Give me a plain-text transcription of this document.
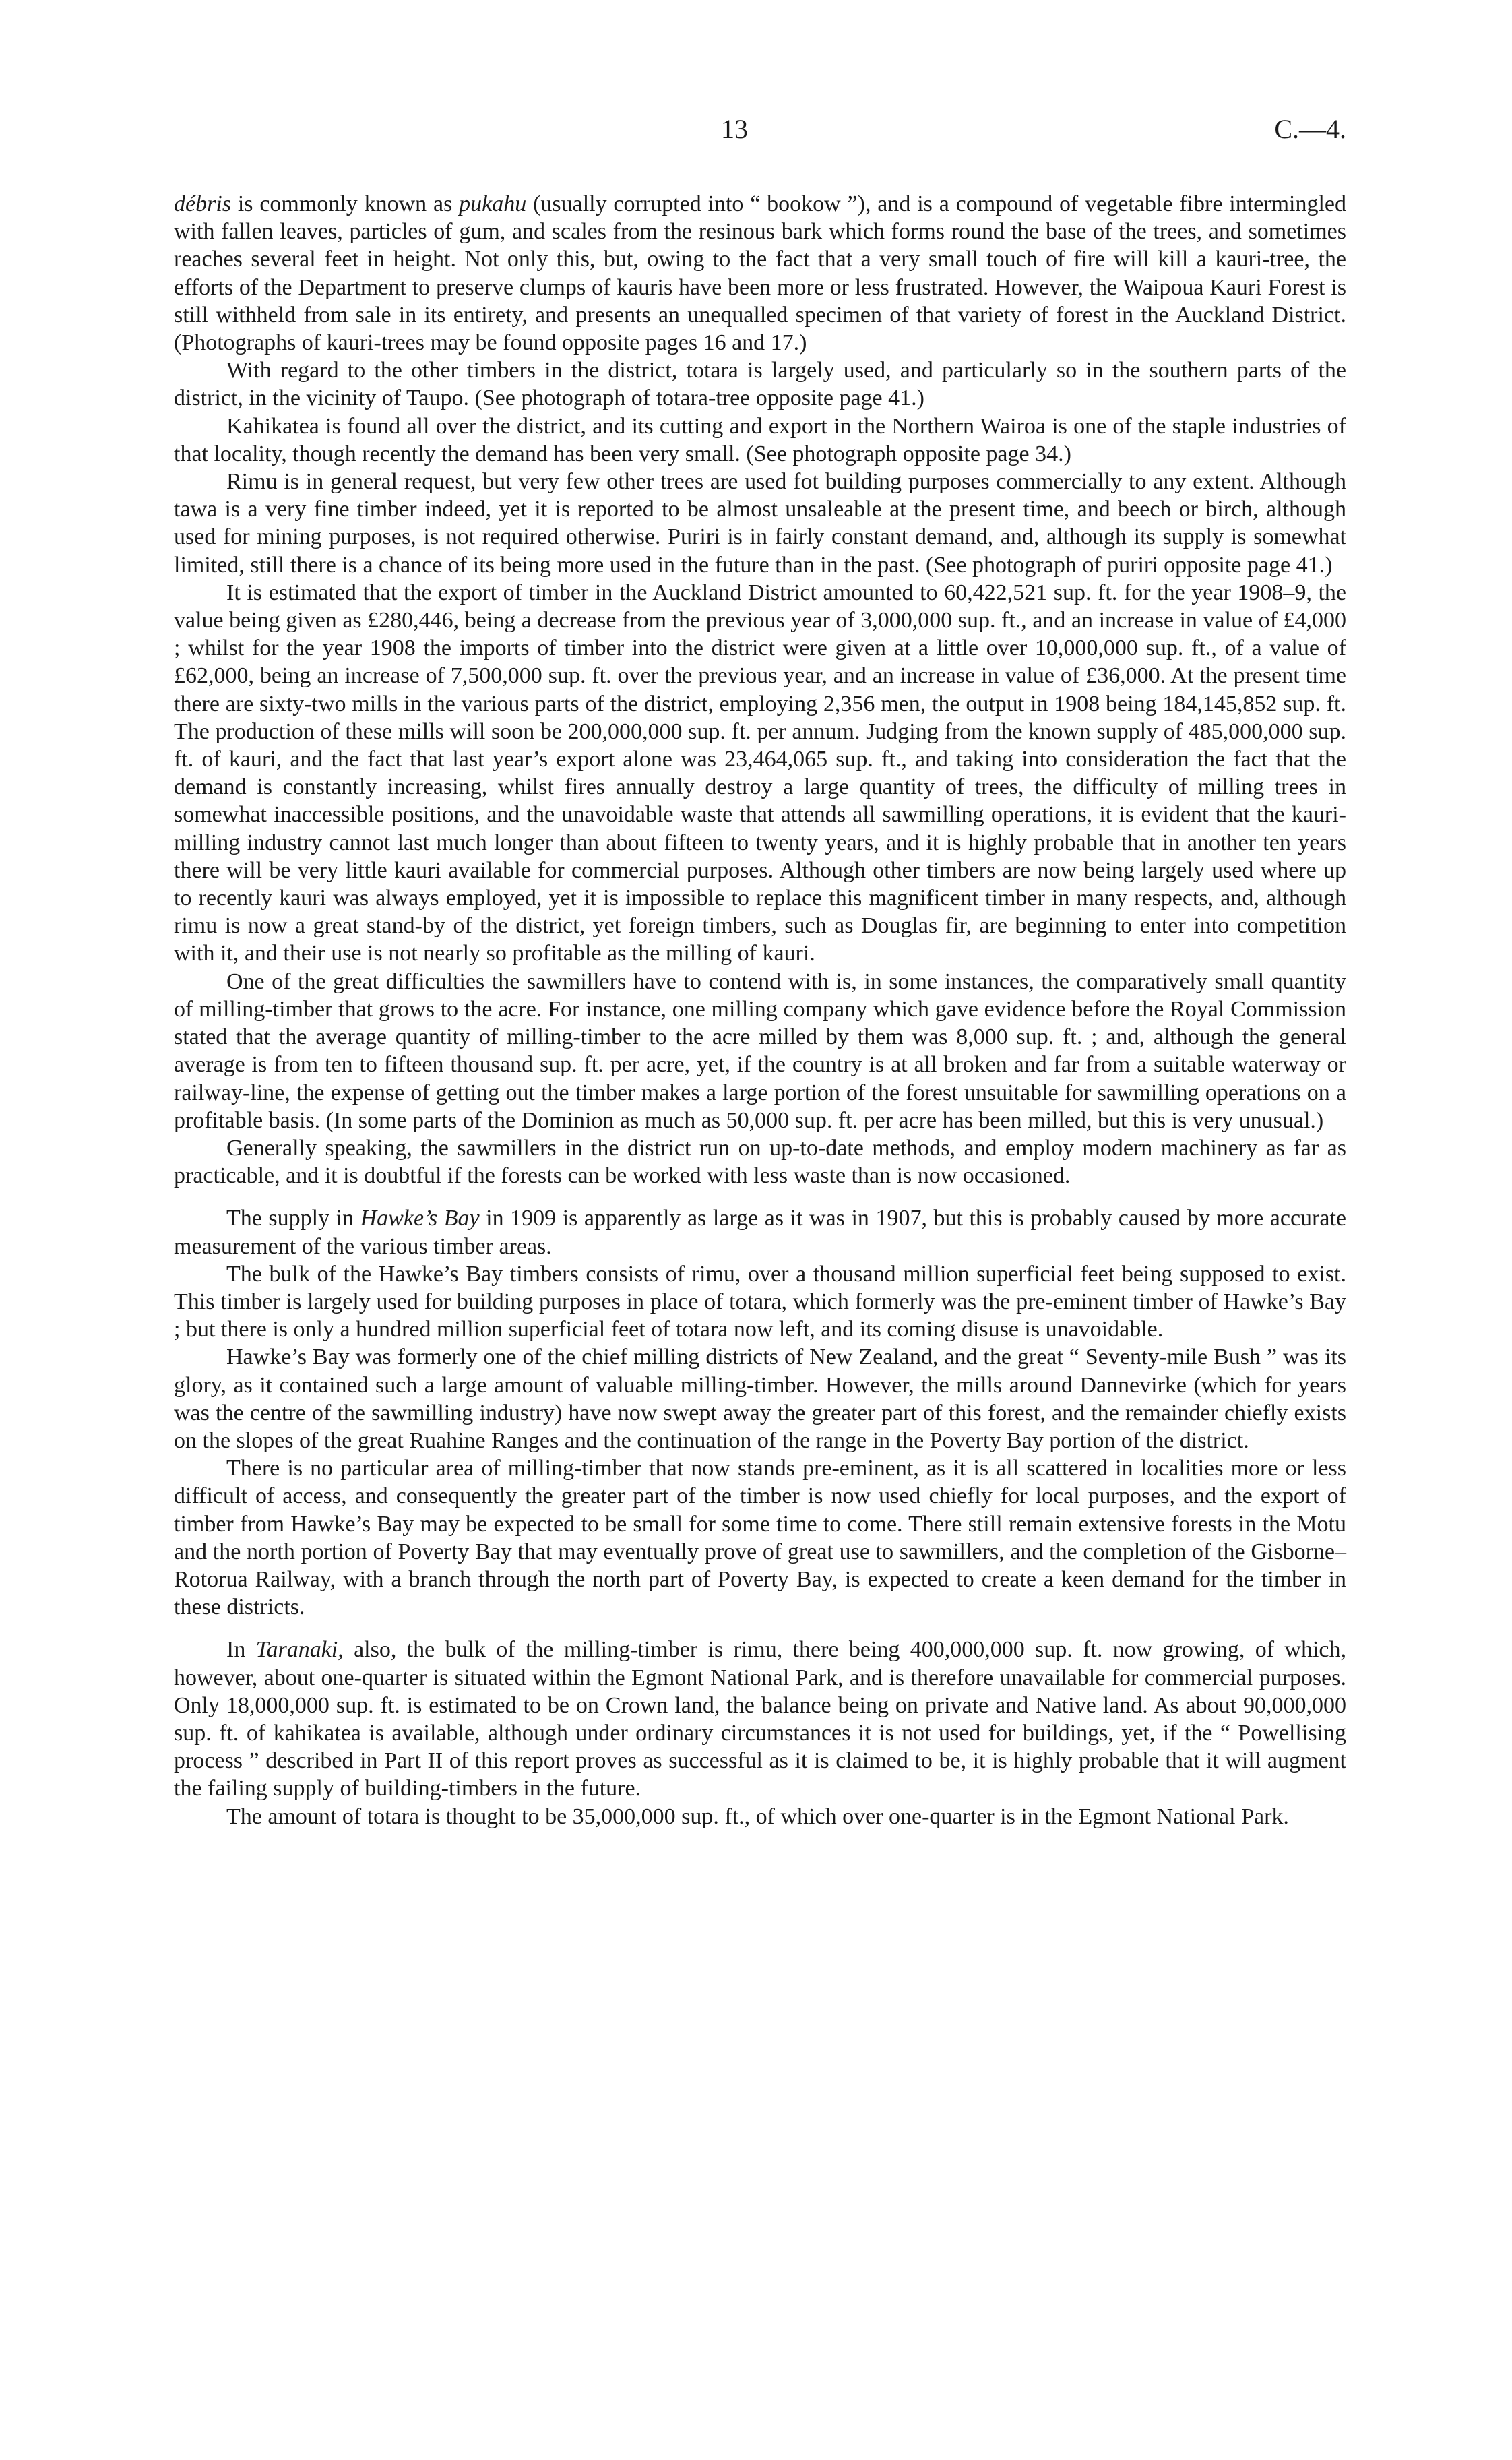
13	C.—4.

débris is commonly known as pukahu (usually corrupted into “ bookow ”), and is a compound of vegetable fibre intermingled with fallen leaves, particles of gum, and scales from the resinous bark which forms round the base of the trees, and sometimes reaches several feet in height. Not only this, but, owing to the fact that a very small touch of fire will kill a kauri-tree, the efforts of the Department to preserve clumps of kauris have been more or less frustrated. However, the Waipoua Kauri Forest is still withheld from sale in its entirety, and presents an unequalled specimen of that variety of forest in the Auckland District. (Photographs of kauri-trees may be found opposite pages 16 and 17.)

With regard to the other timbers in the district, totara is largely used, and particularly so in the southern parts of the district, in the vicinity of Taupo. (See photograph of totara-tree opposite page 41.)

Kahikatea is found all over the district, and its cutting and export in the Northern Wairoa is one of the staple industries of that locality, though recently the demand has been very small. (See photograph opposite page 34.)

Rimu is in general request, but very few other trees are used fot building purposes commercially to any extent. Although tawa is a very fine timber indeed, yet it is reported to be almost unsaleable at the present time, and beech or birch, although used for mining purposes, is not required otherwise. Puriri is in fairly constant demand, and, although its supply is somewhat limited, still there is a chance of its being more used in the future than in the past. (See photograph of puriri opposite page 41.)

It is estimated that the export of timber in the Auckland District amounted to 60,422,521 sup. ft. for the year 1908–9, the value being given as £280,446, being a decrease from the previous year of 3,000,000 sup. ft., and an increase in value of £4,000 ; whilst for the year 1908 the imports of timber into the district were given at a little over 10,000,000 sup. ft., of a value of £62,000, being an increase of 7,500,000 sup. ft. over the previous year, and an increase in value of £36,000. At the present time there are sixty-two mills in the various parts of the district, employing 2,356 men, the output in 1908 being 184,145,852 sup. ft. The production of these mills will soon be 200,000,000 sup. ft. per annum. Judging from the known supply of 485,000,000 sup. ft. of kauri, and the fact that last year’s export alone was 23,464,065 sup. ft., and taking into consideration the fact that the demand is constantly increasing, whilst fires annually destroy a large quantity of trees, the difficulty of milling trees in somewhat inaccessible positions, and the unavoidable waste that attends all sawmilling operations, it is evident that the kauri-milling industry cannot last much longer than about fifteen to twenty years, and it is highly probable that in another ten years there will be very little kauri available for commercial purposes. Although other timbers are now being largely used where up to recently kauri was always employed, yet it is impossible to replace this magnificent timber in many respects, and, although rimu is now a great stand-by of the district, yet foreign timbers, such as Douglas fir, are beginning to enter into competition with it, and their use is not nearly so profitable as the milling of kauri.

One of the great difficulties the sawmillers have to contend with is, in some instances, the comparatively small quantity of milling-timber that grows to the acre. For instance, one milling company which gave evidence before the Royal Commission stated that the average quantity of milling-timber to the acre milled by them was 8,000 sup. ft. ; and, although the general average is from ten to fifteen thousand sup. ft. per acre, yet, if the country is at all broken and far from a suitable waterway or railway-line, the expense of getting out the timber makes a large portion of the forest unsuitable for sawmilling operations on a profitable basis. (In some parts of the Dominion as much as 50,000 sup. ft. per acre has been milled, but this is very unusual.)

Generally speaking, the sawmillers in the district run on up-to-date methods, and employ modern machinery as far as practicable, and it is doubtful if the forests can be worked with less waste than is now occasioned.

The supply in Hawke’s Bay in 1909 is apparently as large as it was in 1907, but this is probably caused by more accurate measurement of the various timber areas.

The bulk of the Hawke’s Bay timbers consists of rimu, over a thousand million superficial feet being supposed to exist. This timber is largely used for building purposes in place of totara, which formerly was the pre-eminent timber of Hawke’s Bay ; but there is only a hundred million superficial feet of totara now left, and its coming disuse is unavoidable.

Hawke’s Bay was formerly one of the chief milling districts of New Zealand, and the great “ Seventy-mile Bush ” was its glory, as it contained such a large amount of valuable milling-timber. However, the mills around Dannevirke (which for years was the centre of the sawmilling industry) have now swept away the greater part of this forest, and the remainder chiefly exists on the slopes of the great Ruahine Ranges and the continuation of the range in the Poverty Bay portion of the district.

There is no particular area of milling-timber that now stands pre-eminent, as it is all scattered in localities more or less difficult of access, and consequently the greater part of the timber is now used chiefly for local purposes, and the export of timber from Hawke’s Bay may be expected to be small for some time to come. There still remain extensive forests in the Motu and the north portion of Poverty Bay that may eventually prove of great use to sawmillers, and the completion of the Gisborne–Rotorua Railway, with a branch through the north part of Poverty Bay, is expected to create a keen demand for the timber in these districts.

In Taranaki, also, the bulk of the milling-timber is rimu, there being 400,000,000 sup. ft. now growing, of which, however, about one-quarter is situated within the Egmont National Park, and is therefore unavailable for commercial purposes. Only 18,000,000 sup. ft. is estimated to be on Crown land, the balance being on private and Native land. As about 90,000,000 sup. ft. of kahikatea is available, although under ordinary circumstances it is not used for buildings, yet, if the “ Powellising process ” described in Part II of this report proves as successful as it is claimed to be, it is highly probable that it will augment the failing supply of building-timbers in the future.

The amount of totara is thought to be 35,000,000 sup. ft., of which over one-quarter is in the Egmont National Park.
